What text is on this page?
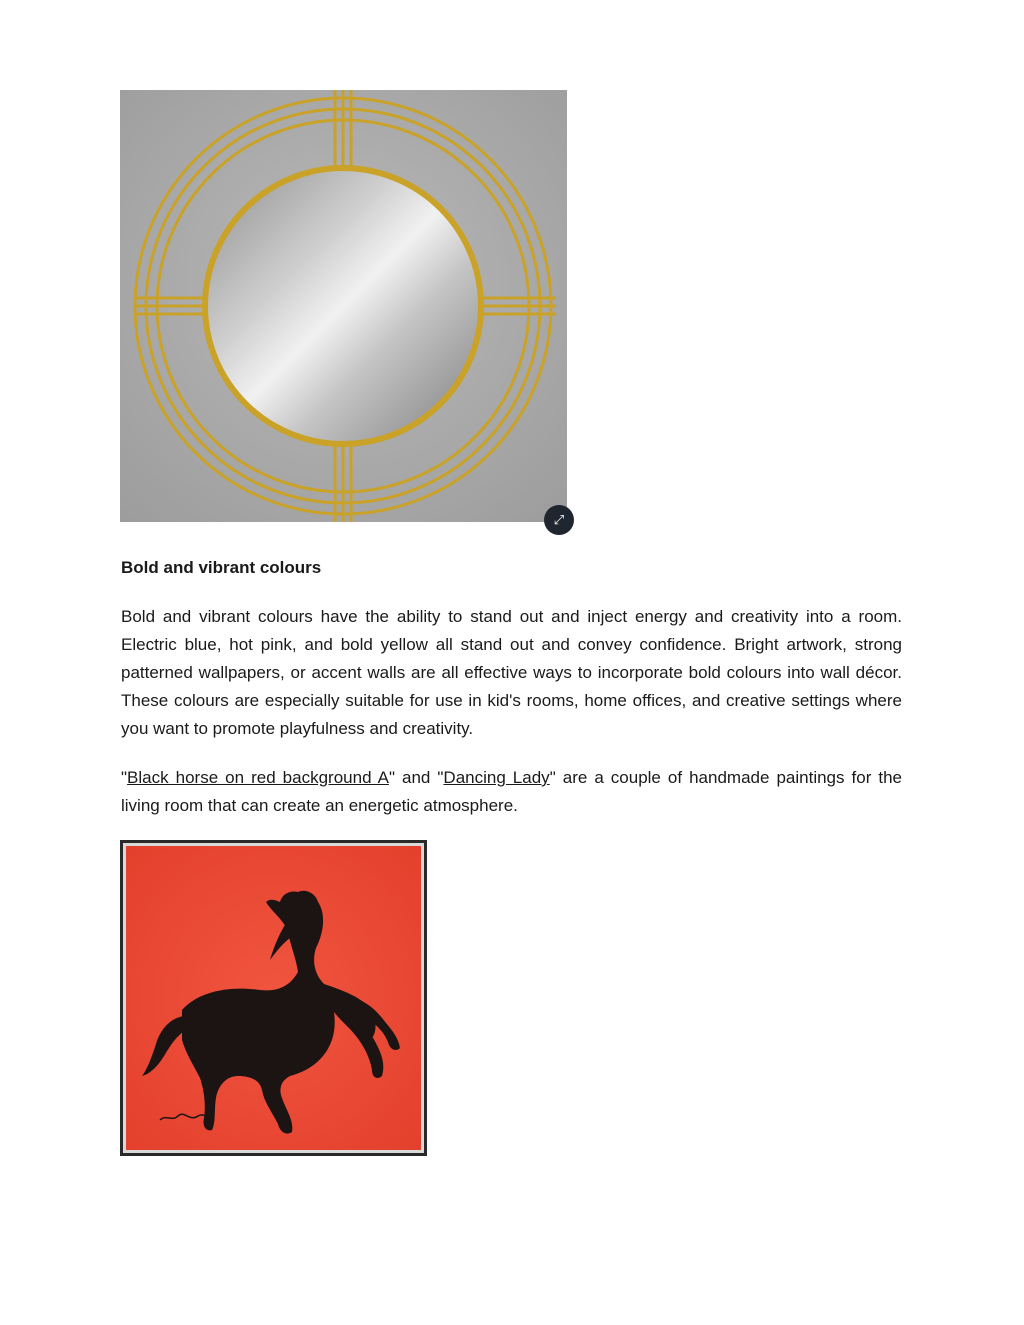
⤢
Bold and vibrant colours

Bold and vibrant colours have the ability to stand out and inject energy and creativity into a room. Electric blue, hot pink, and bold yellow all stand out and convey confidence. Bright artwork, strong patterned wallpapers, or accent walls are all effective ways to incorporate bold colours into wall décor. These colours are especially suitable for use in kid's rooms, home offices, and creative settings where you want to promote playfulness and creativity.

"Black horse on red background A" and "Dancing Lady" are a couple of handmade paintings for the living room that can create an energetic atmosphere.
